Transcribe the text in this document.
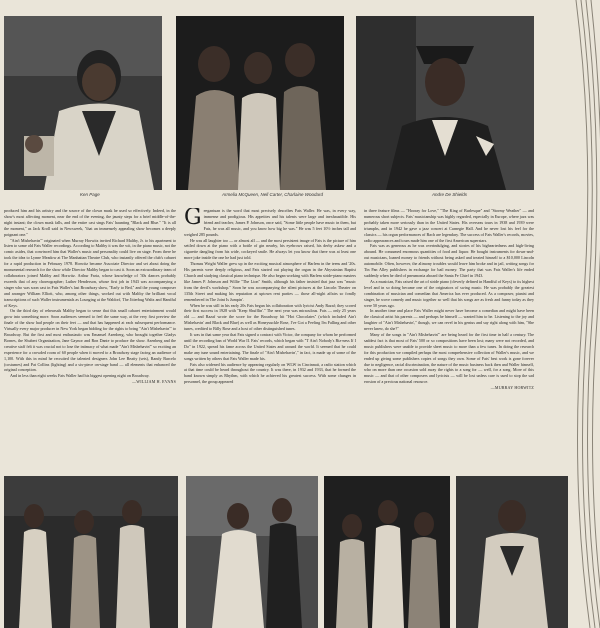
Ken Page	Armelia McQueen, Nell Carter, Charlaine Woodard	Andre De Shields

produced him and his artistry and the source of the clown mask he used so effectively. Indeed, in the show's most affecting moment, near the end of the evening, the jaunty steps for a brief middle-of-the-night instant; the clown mask falls, and the entire cast sings Fats' haunting "Black and Blue." "It is all the moment," as Jack Kroll said in Newsweek, "that an immensely appealing show becomes a deeply poignant one."

"Ain't Misbehavin'" originated when Murray Horwitz invited Richard Maltby, Jr. to his apartment to listen to some old Fats Waller recordings. According to Maltby it was the wit, in the piano music, not the comic asides, that convinced him that Waller's music and personality could live on stage. From there he took the idea to Lynne Meadow at The Manhattan Theatre Club, who instantly offered the club's cabaret for a rapid production in February 1978. Horwitz became Associate Director and set about doing the monumental research for the show while Director Maltby began to cast it. Soon an extraordinary team of collaborators joined Maltby and Horwitz. Arthur Faria, whose knowledge of '30s dances probably exceeds that of any choreographer; Luther Henderson, whose first job in 1943 was accompanying a singer who was soon cast in Fats Waller's last Broadway show, "Early to Bed," and the young composer and arranger William Elliott, who, among other things, worked out with Maltby the brilliant vocal transcriptions of such Waller instrumentals as Lounging at the Waldorf, The Jitterbug Waltz and Handful of Keys.

On the third day of rehearsals Maltby began to sense that this small cabaret entertainment would grow into something more. Soon audiences seemed to feel the same way, at the very first preview the finale of the show had people on their feet — and that has happened at each subsequent performance. Virtually every major producer in New York began bidding for the rights to bring "Ain't Misbehavin'" to Broadway. But the first and most enthusiastic was Emanuel Azenberg, who brought together Gladys Bornes, the Shubert Organization, Jane Gaynor and Ron Dante to produce the show. Azenberg and the creative staff felt it was crucial not to lose the intimacy of what made "Ain't Misbehavin'" so exciting an experience for a crowded room of 60 people when it moved to a Broadway stage facing an audience of 1,100. With this in mind he recruited the talented designers John Lee Beatty (sets), Randy Barcelo (costumes) and Pat Collins (lighting) and a six-piece on-stage band — all elements that enhanced the original conception.

And in less than eight weeks Fats Waller had his biggest opening night on Broadway.

—WILLIAM H. EVANS

Geegantuan is the word that most precisely describes Fats Waller. He was, in every way, immense and prodigious. His appetites and his talents were large and inexhaustible. His friend and teacher, James P. Johnson, once said, "Some little people have music in them, but Fats, he was all music, and you know how big he was." He was 5 feet 10½ inches tall and weighed 285 pounds.

He was all laughter too — or almost all — and the most persistent image of Fats is the picture of him settled down at the piano with a bottle of gin nearby, his eyebrows raised, his derby askew and a cigarette dangling from his wide, cockeyed smile. He always let you know that there was at least one more joke inside the one he had just told.

Thomas Wright Waller grew up in the exciting musical atmosphere of Harlem in the teens and '20s. His parents were deeply religious, and Fats started out playing the organ in the Abyssinian Baptist Church and studying classical piano technique. He also began working with Harlem stride-piano masters like James P. Johnson and Willie "The Lion" Smith, although his father insisted that jazz was "music from the devil's workshop." Soon he was accompanying the silent pictures at the Lincoln Theater on 135th Street and making his reputation at uptown rent parties — those all-night affairs so fondly remembered in The Joint Is Jumpin'.

When he was still in his early 20s Fats began his collaboration with lyricist Andy Razaf; they scored their first success in 1928 with "Keep Shufflin'." The next year was miraculous. Fats — only 25 years old — and Razaf wrote the score for the Broadway hit "Hot Chocolates" (which included Ain't Misbehavin' and Black and Blue) as well as Honeysuckle Rose, I've Got a Feeling I'm Falling and other tunes, credited to Billy Rose and a host of other distinguished tunes.

It was in that same year that Fats signed a contract with Victor, the company for whom he performed until the recording ban of World War II. Fats' records, which began with "T Ain't Nobody's Biz-ness If I Do" in 1922, spread his fame across the United States and around the world. It seemed that he could make any tune sound entertaining. The finale of "Ain't Misbehavin'," in fact, is made up of some of the songs written by others that Fats Waller made his.

Fats also widened his audience by appearing regularly on WLW in Cincinnati, a radio station which at that time could be heard throughout the country. It was there, in 1932 and 1933, that he formed the band known simply as Rhythm, with which he achieved his greatest success. With some changes in personnel, the group appeared

in three feature films — "Hooray for Love," "The King of Burlesque" and "Stormy Weather" — and numerous short subjects. Fats' musicianship was highly regarded, especially in Europe, where jazz was probably taken more seriously than in the United States. His overseas tours in 1938 and 1939 were triumphs, and in 1942 he gave a jazz concert at Carnegie Hall. And he never lost his feel for the classics — his organ performances of Bach are legendary. The success of Fats Waller's records, movies, radio appearances and tours made him one of the first American superstars.

Fats was as generous as he was overindulging, and stories of his bigheartedness and high-living abound. He consumed enormous quantities of food and liquor. He bought instruments for down-and-out musicians, loaned money to friends without being asked and treated himself to a $10,000 Lincoln automobile. Often, however, the alimony troubles would leave him broke and in jail, writing songs for Tin Pan Alley publishers in exchange for bail money. The party that was Fats Waller's life ended suddenly when he died of pneumonia aboard the Santa Fe Chief in 1943.

As a musician, Fats raised the art of stride piano (cleverly defined in Handful of Keys) to its highest level and in so doing became one of the originators of swing music. He was probably the greatest combination of musician and comedian that America has ever produced. As a composer, pianist and singer, he wove comedy and music together so well that his songs are as fresh and funny today as they were 50 years ago.

In another time and place Fats Waller might never have become a comedian and might have been the classical artist his parents — and perhaps he himself — wanted him to be. Listening to the joy and laughter of "Ain't Misbehavin'," though, we can revel in his genius and say right along with him, "She never knew, do she?"

Many of the songs in "Ain't Misbehavin'" are being heard for the first time in half a century. The saddest fact is that most of Fats' 500 or so compositions have been lost; many were not recorded, and music publishers were unable to provide sheet music to more than a few tunes. In doing the research for this production we compiled perhaps the most comprehensive collection of Waller's music, and we ended up giving some publishers copies of songs they own. Some of Fats' best work is gone forever due to negligence, racial discrimination, the nature of the music business back then and Waller himself, who on more than one occasion sold away the rights to a song for — well, for a song. More of this music — and that of other composers and lyricists — will be lost unless care is used to stop the sad erosion of a precious national resource.

—MURRAY HORWITZ
